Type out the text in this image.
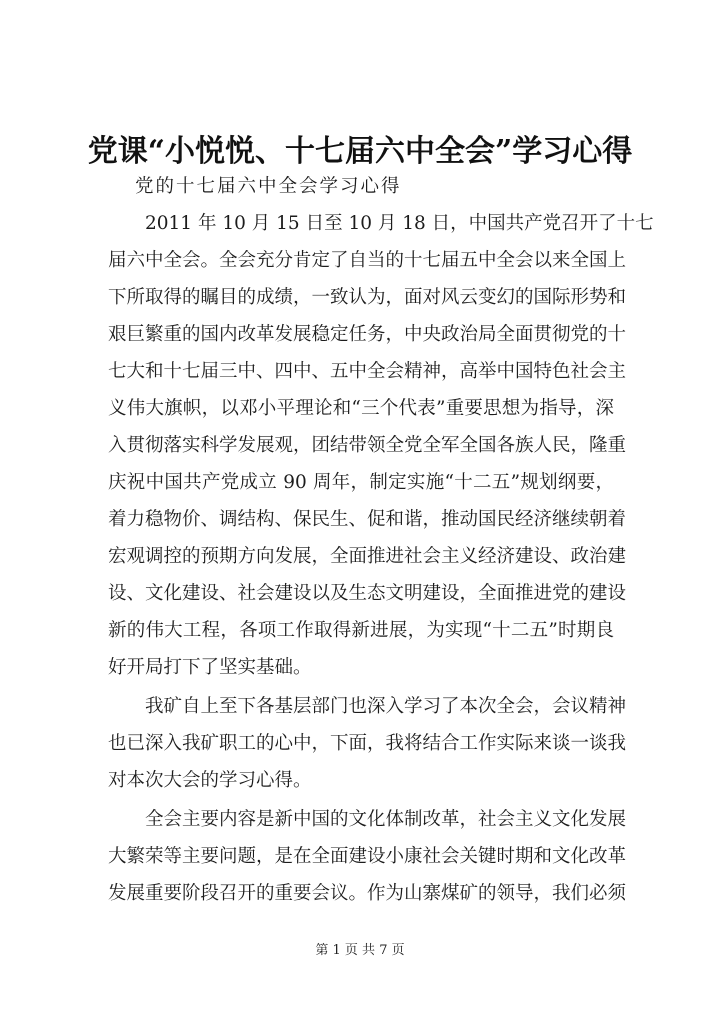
党课“小悦悦、十七届六中全会”学习心得
党的十七届六中全会学习心得
2011 年 10 月 15 日至 10 月 18 日，中国共产党召开了十七
届六中全会。全会充分肯定了自当的十七届五中全会以来全国上
下所取得的瞩目的成绩，一致认为，面对风云变幻的国际形势和
艰巨繁重的国内改革发展稳定任务，中央政治局全面贯彻党的十
七大和十七届三中、四中、五中全会精神，高举中国特色社会主
义伟大旗帜，以邓小平理论和“三个代表”重要思想为指导，深
入贯彻落实科学发展观，团结带领全党全军全国各族人民，隆重
庆祝中国共产党成立 90 周年，制定实施“十二五”规划纲要，
着力稳物价、调结构、保民生、促和谐，推动国民经济继续朝着
宏观调控的预期方向发展，全面推进社会主义经济建设、政治建
设、文化建设、社会建设以及生态文明建设，全面推进党的建设
新的伟大工程，各项工作取得新进展，为实现“十二五”时期良
好开局打下了坚实基础。
我矿自上至下各基层部门也深入学习了本次全会，会议精神
也已深入我矿职工的心中，下面，我将结合工作实际来谈一谈我
对本次大会的学习心得。
全会主要内容是新中国的文化体制改革，社会主义文化发展
大繁荣等主要问题，是在全面建设小康社会关键时期和文化改革
发展重要阶段召开的重要会议。作为山寨煤矿的领导，我们必须
第 1 页 共 7 页
